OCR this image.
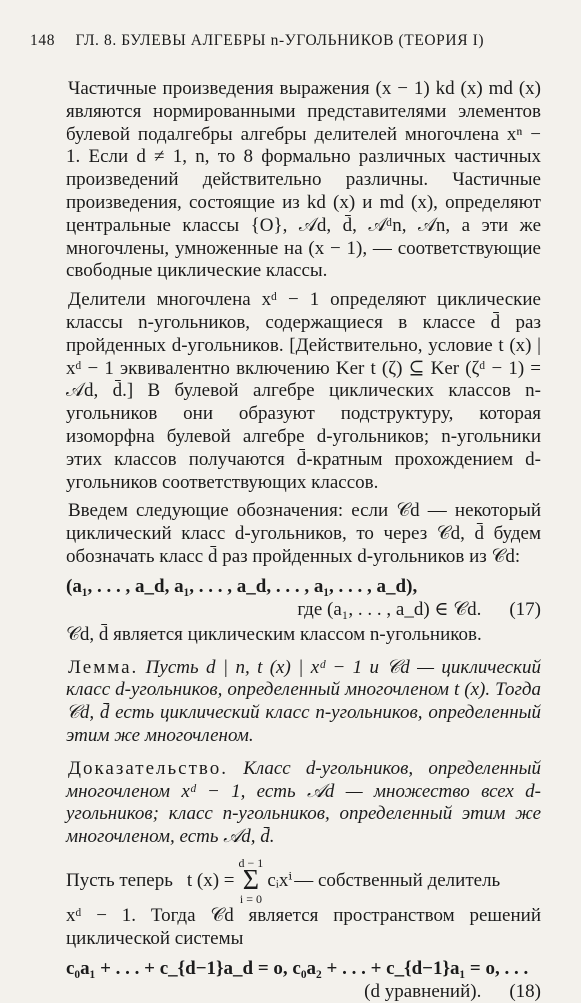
148 ГЛ. 8. БУЛЕВЫ АЛГЕБРЫ n-УГОЛЬНИКОВ (ТЕОРИЯ I)

Частичные произведения выражения (x − 1) kd (x) md (x) являются нормированными представителями элементов булевой подалгебры алгебры делителей многочлена xⁿ − 1. Если d ≠ 1, n, то 8 формально различных частичных произведений действительно различны. Частичные произведения, состоящие из kd (x) и md (x), определяют центральные классы {O}, 𝒜d, d̄, 𝒜ᵈn, 𝒜n, а эти же многочлены, умноженные на (x − 1), — соответствующие свободные циклические классы.

Делители многочлена xᵈ − 1 определяют циклические классы n-угольников, содержащиеся в классе d̄ раз пройденных d-угольников. [Действительно, условие t (x) | xᵈ − 1 эквивалентно включению Ker t (ζ) ⊆ Ker (ζᵈ − 1) = 𝒜d, d̄.] В булевой алгебре циклических классов n-угольников они образуют подструктуру, которая изоморфна булевой алгебре d-угольников; n-угольники этих классов получаются d̄-кратным прохождением d-угольников соответствующих классов.

Введем следующие обозначения: если 𝒞d — некоторый циклический класс d-угольников, то через 𝒞d, d̄ будем обозначать класс d̄ раз пройденных d-угольников из 𝒞d:

(a₁, . . . , a_d, a₁, . . . , a_d, . . . , a₁, . . . , a_d),
где (a₁, . . . , a_d) ∈ 𝒞d. (17)

𝒞d, d̄ является циклическим классом n-угольников.

Лемма. Пусть d | n, t (x) | xᵈ − 1 и 𝒞d — циклический класс d-угольников, определенный многочленом t (x). Тогда 𝒞d, d̄ есть циклический класс n-угольников, определенный этим же многочленом.

Доказательство. Класс d-угольников, определенный многочленом xᵈ − 1, есть 𝒜d — множество всех d-угольников; класс n-угольников, определенный этим же многочленом, есть 𝒜d, d̄.

Пусть теперь t (x) =
d − 1
Σ
i = 0
cᵢxⁱ — собственный делитель

xᵈ − 1. Тогда 𝒞d является пространством решений циклической системы

c₀a₁ + . . . + c_{d−1}a_d = o, c₀a₂ + . . . + c_{d−1}a₁ = o, . . .
(d уравнений). (18)
